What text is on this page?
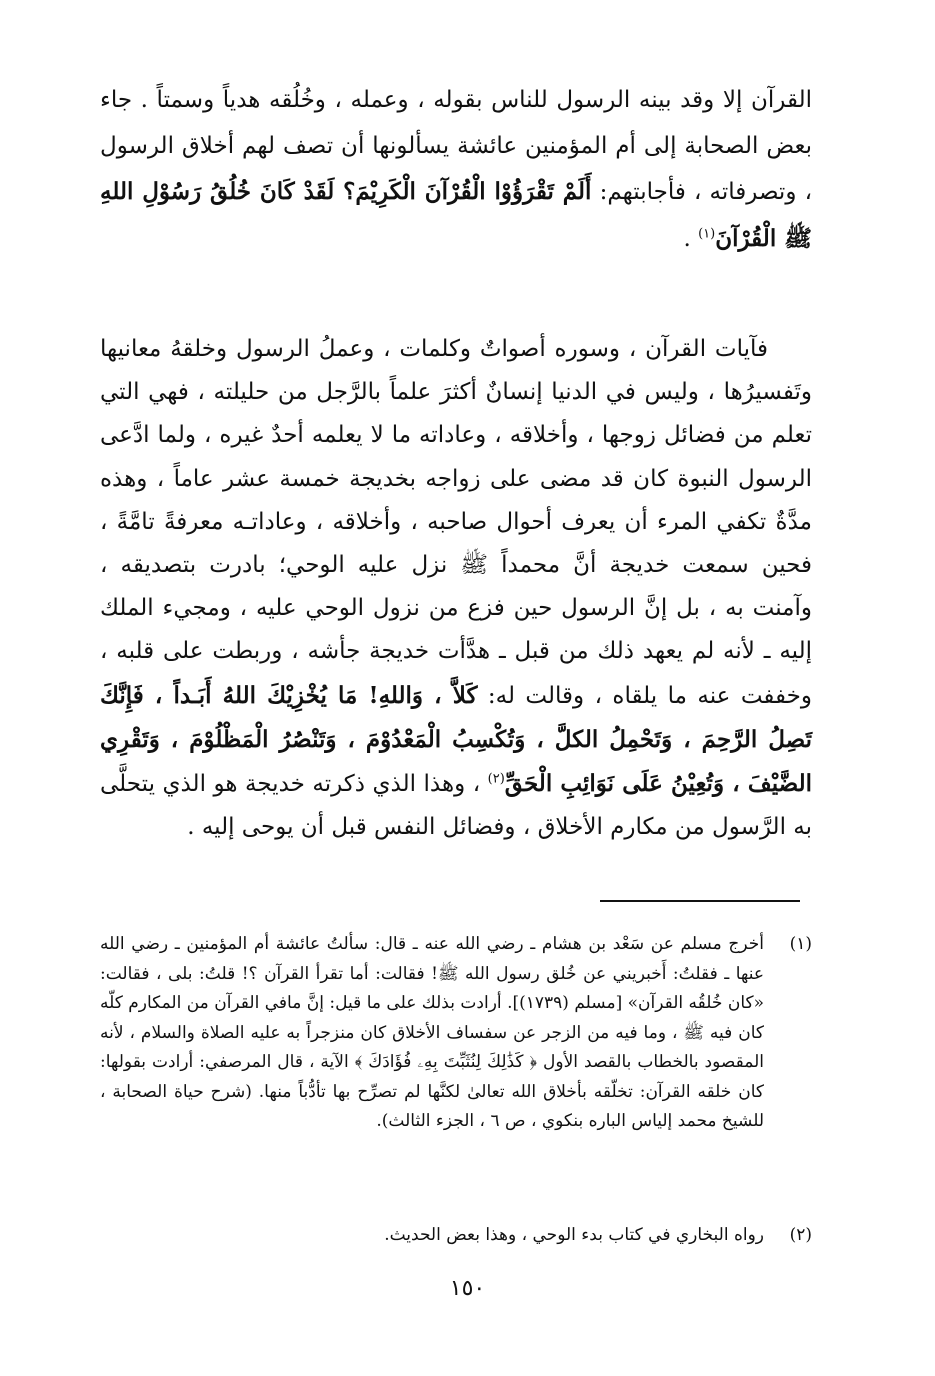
القرآن إلا وقد بينه الرسول للناس بقوله ، وعمله ، وخُلُقه هدياً وسمتاً . جاء بعض الصحابة إلى أم المؤمنين عائشة يسألونها أن تصف لهم أخلاق الرسول ، وتصرفاته ، فأجابتهم: أَلَمْ تَقْرَؤُوْا الْقُرْآنَ الْكَرِيْمَ؟ لَقَدْ كَانَ خُلُقُ رَسُوْلِ اللهِ ﷺ الْقُرْآنَ$^{(١)}$ .

فآيات القرآن ، وسوره أصواتٌ وكلمات ، وعملُ الرسول وخلقهُ معانيها وتَفسيرُها ، وليس في الدنيا إنسانٌ أكثرَ علماً بالرَّجل من حليلته ، فهي التي تعلم من فضائل زوجها ، وأخلاقه ، وعاداته ما لا يعلمه أحدٌ غيره ، ولما ادَّعى الرسول النبوة كان قد مضى على زواجه بخديجة خمسة عشر عاماً ، وهذه مدَّةٌ تكفي المرء أن يعرف أحوال صاحبه ، وأخلاقه ، وعاداتـه معرفةً تامَّةً ، فحين سمعت خديجة أنَّ محمداً ﷺ نزل عليه الوحي؛ بادرت بتصديقه ، وآمنت به ، بل إنَّ الرسول حين فزع من نزول الوحي عليه ، ومجيء الملك إليه ـ لأنه لم يعهد ذلك من قبل ـ هدَّأت خديجة جأشه ، وربطت على قلبه ، وخففت عنه ما يلقاه ، وقالت له: كَلاَّ ، وَاللهِ! مَا يُخْزِيْكَ اللهُ أَبَـداً ، فَإِنَّكَ تَصِلُ الرَّحِمَ ، وَتَحْمِلُ الكلَّ ، وَتُكْسِبُ الْمَعْدُوْمَ ، وَتَنْصُرُ الْمَظْلُوْمَ ، وَتَقْرِي الضَّيْفَ ، وَتُعِيْنُ عَلَى نَوَائِبِ الْحَقِّ$^{(٢)}$ ، وهذا الذي ذكرته خديجة هو الذي يتحلَّى به الرَّسول من مكارم الأخلاق ، وفضائل النفس قبل أن يوحى إليه .

(١)
أخرج مسلم عن سَعْد بن هشام ـ رضي الله عنه ـ قال: سألتُ عائشة أم المؤمنين ـ رضي الله عنها ـ فقلتُ: أَخبريني عن خُلق رسول الله ﷺ! فقالت: أما تقرأ القرآن ؟! قلتُ: بلى ، فقالت: «كان خُلقُه القرآن» [مسلم (١٧٣٩)]. أرادت بذلك على ما قيل: إنَّ مافي القرآن من المكارم كلّه كان فيه ﷺ ، وما فيه من الزجر عن سفساف الأخلاق كان منزجراً به عليه الصلاة والسلام ، لأنه المقصود بالخطاب بالقصد الأول ﴿ كَذَٰلِكَ لِنُثَبِّتَ بِهِۦ فُؤَادَكَ ﴾ الآية ، قال المرصفي: أرادت بقولها: كان خلقه القرآن: تخلّقه بأخلاق الله تعالىٰ لكنَّها لم تصرِّح بها تأدُّباً منها. (شرح حياة الصحابة ، للشيخ محمد إلياس الباره بنكوي ، ص ٦ ، الجزء الثالث).
(٢)
رواه البخاري في كتاب بدء الوحي ، وهذا بعض الحديث.
١٥٠
